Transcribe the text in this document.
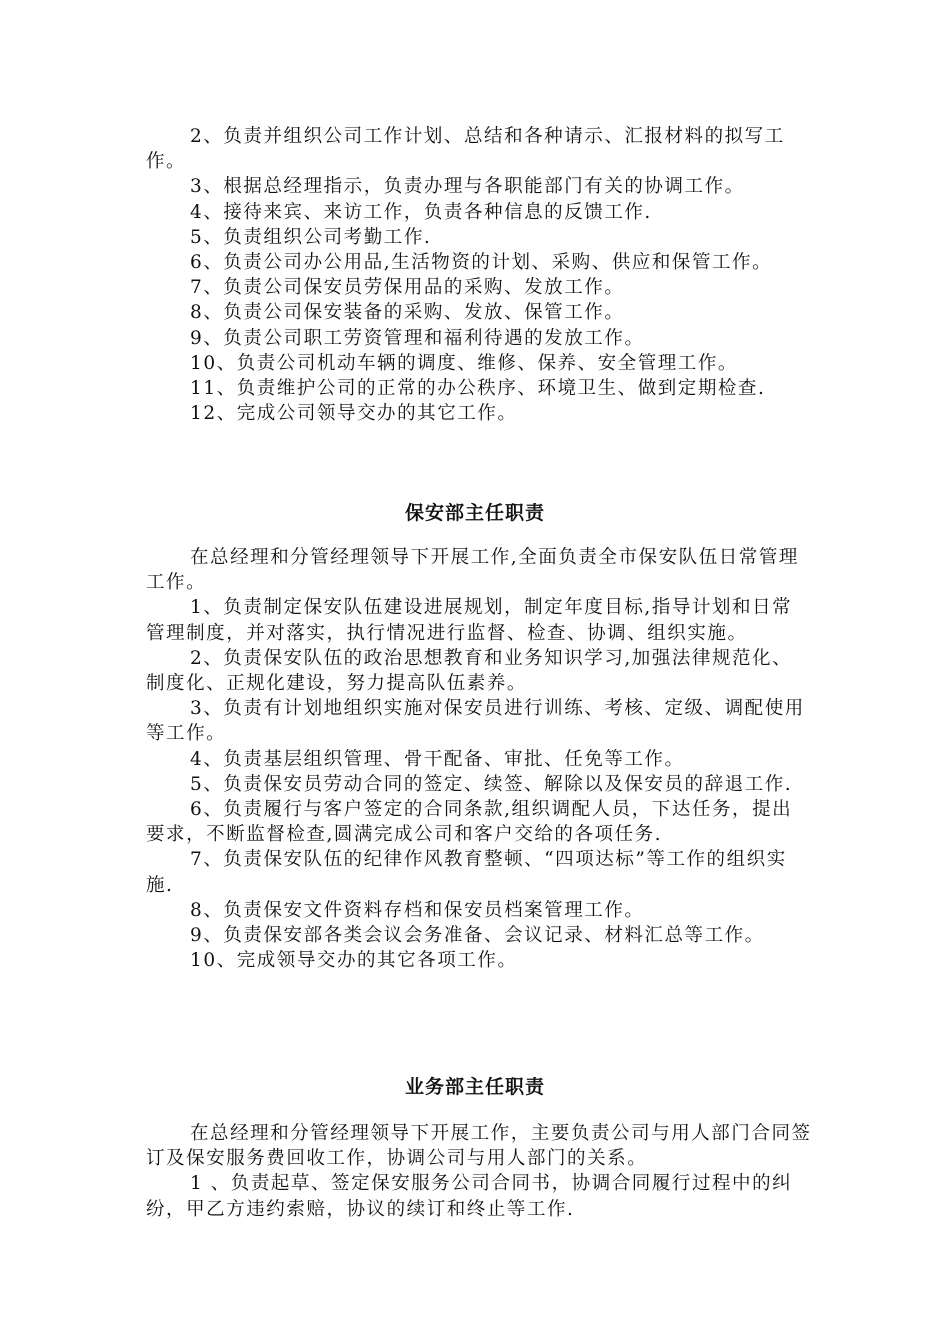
2、负责并组织公司工作计划、总结和各种请示、汇报材料的拟写工作。

3、根据总经理指示，负责办理与各职能部门有关的协调工作。

4、接待来宾、来访工作，负责各种信息的反馈工作.

5、负责组织公司考勤工作.

6、负责公司办公用品,生活物资的计划、采购、供应和保管工作。

7、负责公司保安员劳保用品的采购、发放工作。

8、负责公司保安装备的采购、发放、保管工作。

9、负责公司职工劳资管理和福利待遇的发放工作。

10、负责公司机动车辆的调度、维修、保养、安全管理工作。

11、负责维护公司的正常的办公秩序、环境卫生、做到定期检查.

12、完成公司领导交办的其它工作。

保安部主任职责

在总经理和分管经理领导下开展工作,全面负责全市保安队伍日常管理工作。

1、负责制定保安队伍建设进展规划，制定年度目标,指导计划和日常管理制度，并对落实，执行情况进行监督、检查、协调、组织实施。

2、负责保安队伍的政治思想教育和业务知识学习,加强法律规范化、制度化、正规化建设，努力提高队伍素养。

3、负责有计划地组织实施对保安员进行训练、考核、定级、调配使用等工作。

4、负责基层组织管理、骨干配备、审批、任免等工作。

5、负责保安员劳动合同的签定、续签、解除以及保安员的辞退工作.

6、负责履行与客户签定的合同条款,组织调配人员，下达任务，提出要求，不断监督检查,圆满完成公司和客户交给的各项任务.

7、负责保安队伍的纪律作风教育整顿、“四项达标”等工作的组织实施.

8、负责保安文件资料存档和保安员档案管理工作。

9、负责保安部各类会议会务准备、会议记录、材料汇总等工作。

10、完成领导交办的其它各项工作。

业务部主任职责

在总经理和分管经理领导下开展工作，主要负责公司与用人部门合同签订及保安服务费回收工作，协调公司与用人部门的关系。

1 、负责起草、签定保安服务公司合同书，协调合同履行过程中的纠纷，甲乙方违约索赔，协议的续订和终止等工作.
